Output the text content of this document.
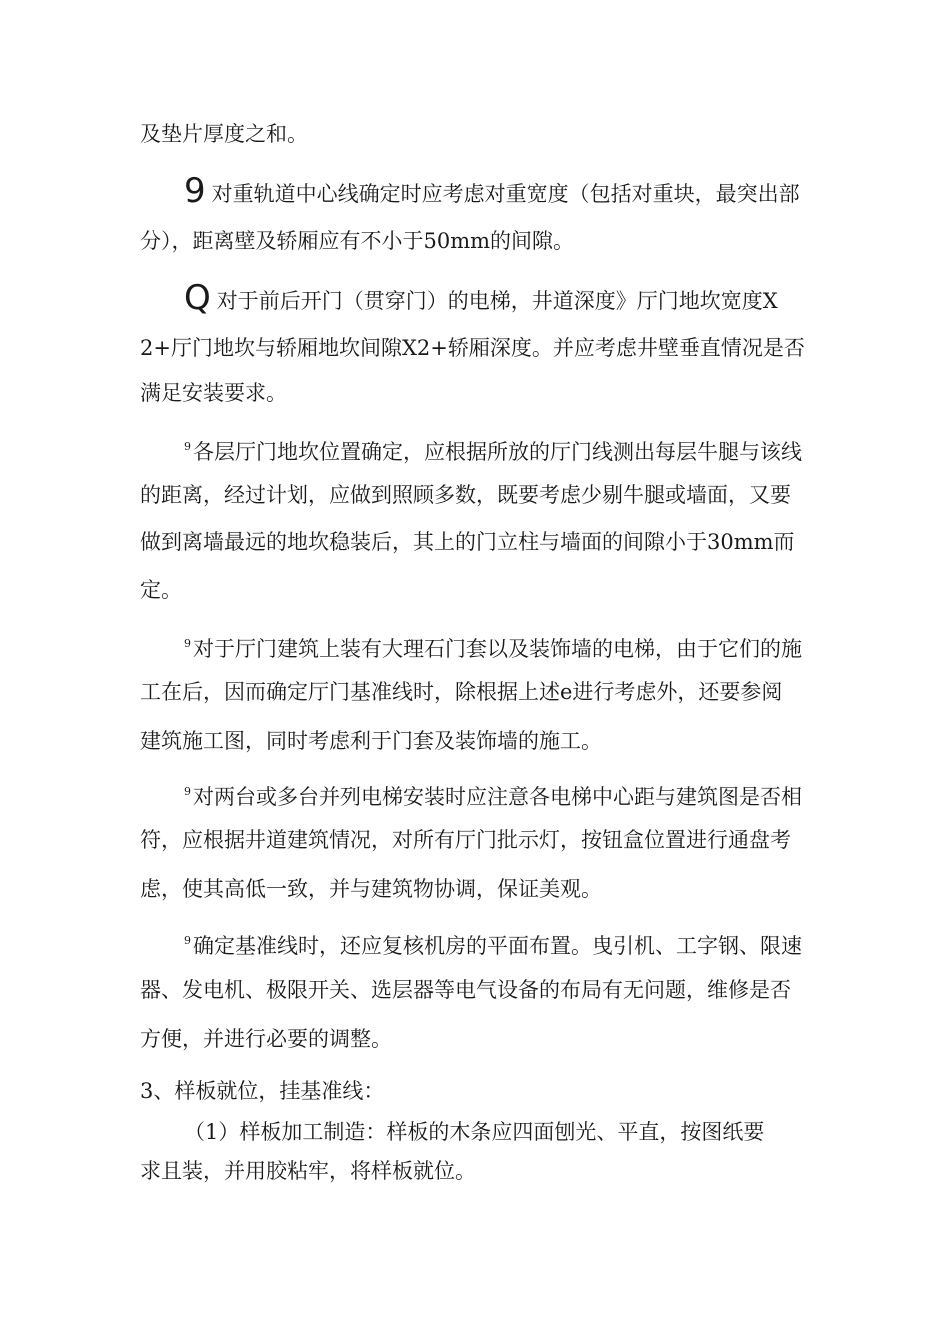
及垫片厚度之和。
9 对重轨道中心线确定时应考虑对重宽度（包括对重块，最突出部
分），距离壁及轿厢应有不小于50mm的间隙。
Q对于前后开门（贯穿门）的电梯，井道深度》厅门地坎宽度X
2+厅门地坎与轿厢地坎间隙X2+轿厢深度。并应考虑井壁垂直情况是否
满足安装要求。
$^9$各层厅门地坎位置确定，应根据所放的厅门线测出每层牛腿与该线
的距离，经过计划，应做到照顾多数，既要考虑少剔牛腿或墙面，又要
做到离墙最远的地坎稳装后，其上的门立柱与墙面的间隙小于30mm而
定。
$^9$对于厅门建筑上装有大理石门套以及装饰墙的电梯，由于它们的施
工在后，因而确定厅门基准线时，除根据上述e进行考虑外，还要参阅
建筑施工图，同时考虑利于门套及装饰墙的施工。
$^9$对两台或多台并列电梯安装时应注意各电梯中心距与建筑图是否相
符，应根据井道建筑情况，对所有厅门批示灯，按钮盒位置进行通盘考
虑，使其高低一致，并与建筑物协调，保证美观。
$^9$确定基准线时，还应复核机房的平面布置。曳引机、工字钢、限速
器、发电机、极限开关、选层器等电气设备的布局有无问题，维修是否
方便，并进行必要的调整。
3、样板就位，挂基准线：
（1）样板加工制造：样板的木条应四面刨光、平直，按图纸要
求且装，并用胶粘牢，将样板就位。
